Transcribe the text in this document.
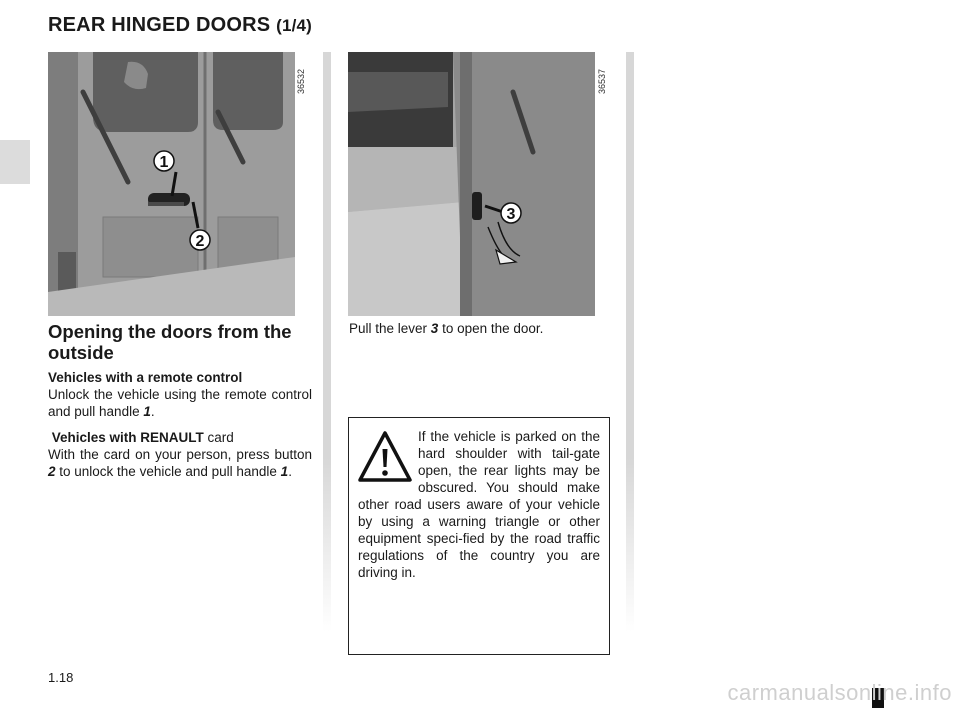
REAR HINGED DOORS (1/4)
1
2
36532
3
36537
Opening the doors from the outside

Vehicles with a remote control

Unlock the vehicle using the remote control and pull handle 1.

Vehicles with RENAULT card

With the card on your person, press button 2 to unlock the vehicle and pull handle 1.

Pull the lever 3 to open the door.
If the vehicle is parked on the hard shoulder with tail-gate open, the rear lights may be obscured. You should make other road users aware of your vehicle by using a warning triangle or other equipment speci-fied by the road traffic regulations of the country you are driving in.
1.18
carmanualsonline.info
